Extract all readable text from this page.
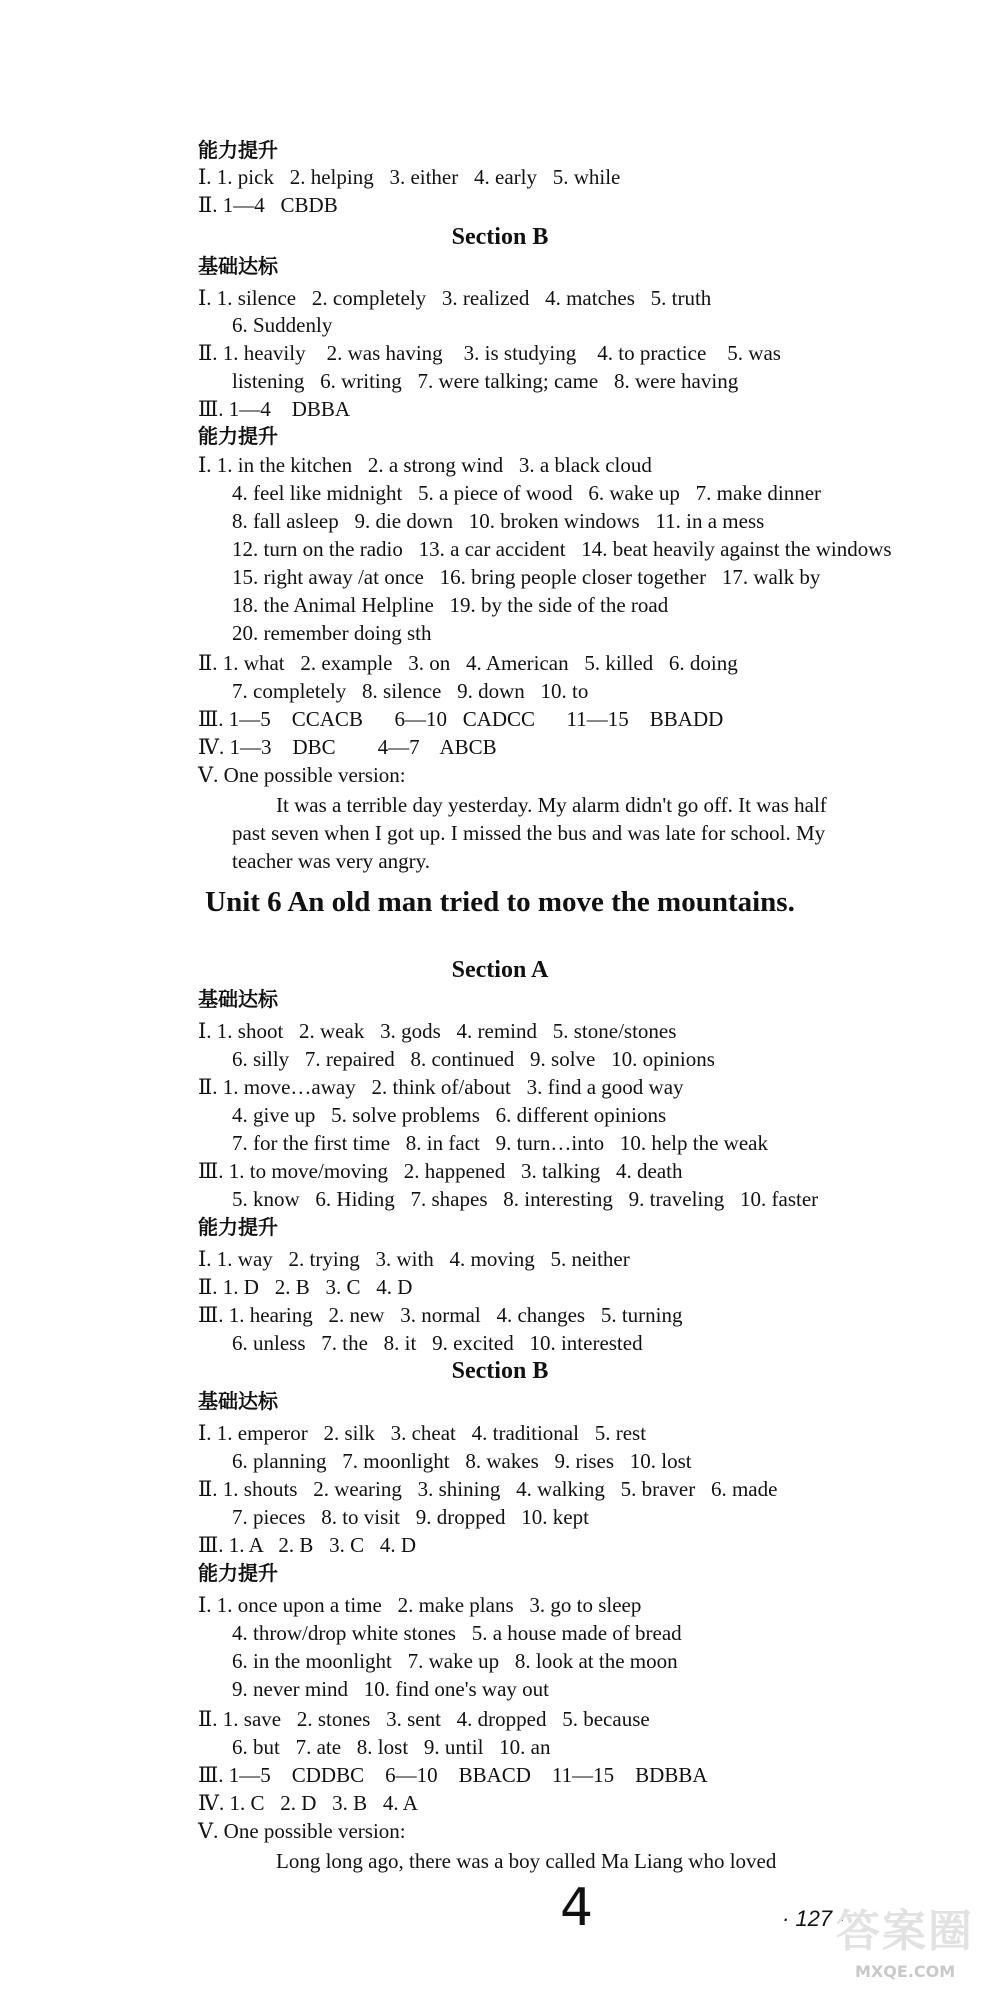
能力提升
Ⅰ. 1. pick   2. helping   3. either   4. early   5. while
Ⅱ. 1—4   CBDB
Section B
基础达标
Ⅰ. 1. silence   2. completely   3. realized   4. matches   5. truth
6. Suddenly
Ⅱ. 1. heavily    2. was having    3. is studying    4. to practice    5. was
listening   6. writing   7. were talking; came   8. were having
Ⅲ. 1—4    DBBA
能力提升
Ⅰ. 1. in the kitchen   2. a strong wind   3. a black cloud
4. feel like midnight   5. a piece of wood   6. wake up   7. make dinner
8. fall asleep   9. die down   10. broken windows   11. in a mess
12. turn on the radio   13. a car accident   14. beat heavily against the windows
15. right away /at once   16. bring people closer together   17. walk by
18. the Animal Helpline   19. by the side of the road
20. remember doing sth
Ⅱ. 1. what   2. example   3. on   4. American   5. killed   6. doing
7. completely   8. silence   9. down   10. to
Ⅲ. 1—5    CCACB      6—10   CADCC      11—15    BBADD
Ⅳ. 1—3    DBC        4—7    ABCB
Ⅴ. One possible version:
It was a terrible day yesterday. My alarm didn't go off. It was half
past seven when I got up. I missed the bus and was late for school. My
teacher was very angry.
Unit 6 An old man tried to move the mountains.
Section A
基础达标
Ⅰ. 1. shoot   2. weak   3. gods   4. remind   5. stone/stones
6. silly   7. repaired   8. continued   9. solve   10. opinions
Ⅱ. 1. move…away   2. think of/about   3. find a good way
4. give up   5. solve problems   6. different opinions
7. for the first time   8. in fact   9. turn…into   10. help the weak
Ⅲ. 1. to move/moving   2. happened   3. talking   4. death
5. know   6. Hiding   7. shapes   8. interesting   9. traveling   10. faster
能力提升
Ⅰ. 1. way   2. trying   3. with   4. moving   5. neither
Ⅱ. 1. D   2. B   3. C   4. D
Ⅲ. 1. hearing   2. new   3. normal   4. changes   5. turning
6. unless   7. the   8. it   9. excited   10. interested
Section B
基础达标
Ⅰ. 1. emperor   2. silk   3. cheat   4. traditional   5. rest
6. planning   7. moonlight   8. wakes   9. rises   10. lost
Ⅱ. 1. shouts   2. wearing   3. shining   4. walking   5. braver   6. made
7. pieces   8. to visit   9. dropped   10. kept
Ⅲ. 1. A   2. B   3. C   4. D
能力提升
Ⅰ. 1. once upon a time   2. make plans   3. go to sleep
4. throw/drop white stones   5. a house made of bread
6. in the moonlight   7. wake up   8. look at the moon
9. never mind   10. find one's way out
Ⅱ. 1. save   2. stones   3. sent   4. dropped   5. because
6. but   7. ate   8. lost   9. until   10. an
Ⅲ. 1—5    CDDBC    6—10    BBACD    11—15    BDBBA
Ⅳ. 1. C   2. D   3. B   4. A
Ⅴ. One possible version:
Long long ago, there was a boy called Ma Liang who loved
4	· 127 ·
答案圈
MXQE.COM
